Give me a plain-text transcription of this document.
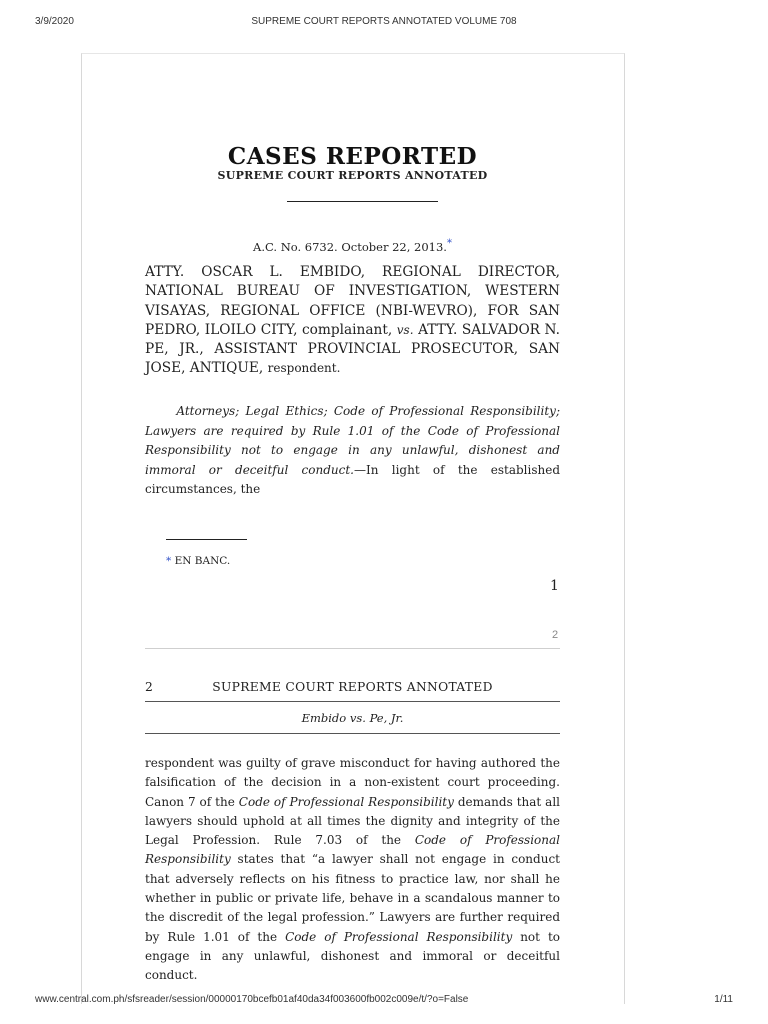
3/9/2020	SUPREME COURT REPORTS ANNOTATED VOLUME 708
CASES REPORTED
SUPREME COURT REPORTS ANNOTATED
A.C. No. 6732. October 22, 2013.*
ATTY. OSCAR L. EMBIDO, REGIONAL DIRECTOR, NATIONAL BUREAU OF INVESTIGATION, WESTERN VISAYAS, REGIONAL OFFICE (NBI-WEVRO), FOR SAN PEDRO, ILOILO CITY, complainant, vs. ATTY. SALVADOR N. PE, JR., ASSISTANT PROVINCIAL PROSECUTOR, SAN JOSE, ANTIQUE, respondent.
Attorneys; Legal Ethics; Code of Professional Responsibility; Lawyers are required by Rule 1.01 of the Code of Professional Responsibility not to engage in any unlawful, dishonest and immoral or deceitful conduct.—In light of the established circumstances, the
* EN BANC.
1
2
2	SUPREME COURT REPORTS ANNOTATED
Embido vs. Pe, Jr.
respondent was guilty of grave misconduct for having authored the falsification of the decision in a non-existent court proceeding. Canon 7 of the Code of Professional Responsibility demands that all lawyers should uphold at all times the dignity and integrity of the Legal Profession. Rule 7.03 of the Code of Professional Responsibility states that “a lawyer shall not engage in conduct that adversely reflects on his fitness to practice law, nor shall he whether in public or private life, behave in a scandalous manner to the discredit of the legal profession.” Lawyers are further required by Rule 1.01 of the Code of Professional Responsibility not to engage in any unlawful, dishonest and immoral or deceitful conduct.
www.central.com.ph/sfsreader/session/00000170bcefb01af40da34f003600fb002c009e/t/?o=False	1/11
